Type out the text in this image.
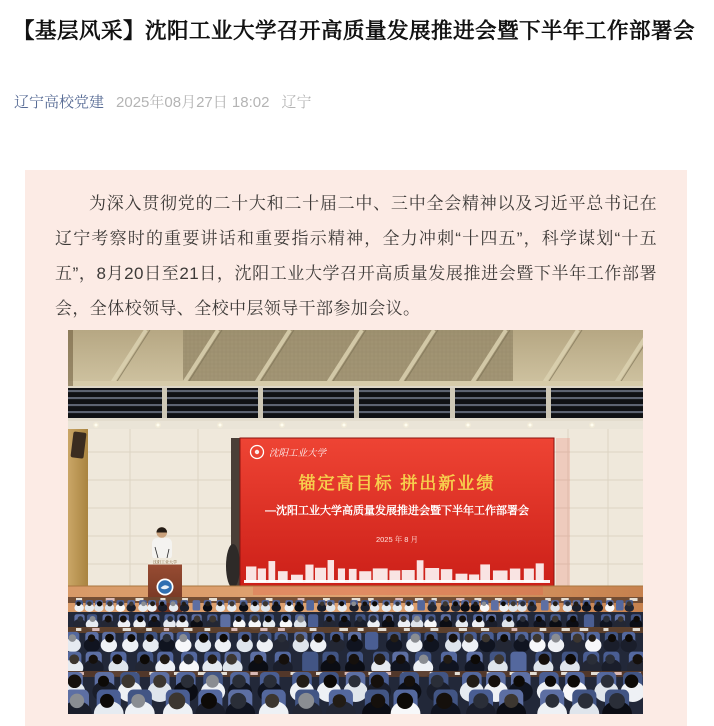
【基层风采】沈阳工业大学召开高质量发展推进会暨下半年工作部署会
辽宁高校党建 2025年08月27日 18:02 辽宁

为深入贯彻党的二十大和二十届二中、三中全会精神以及习近平总书记在辽宁考察时的重要讲话和重要指示精神，全力冲刺“十四五”，科学谋划“十五五”，8月20日至21日，沈阳工业大学召开高质量发展推进会暨下半年工作部署会，全体校领导、全校中层领导干部参加会议。

沈阳工业大学
锚定高目标 拼出新业绩
—沈阳工业大学高质量发展推进会暨下半年工作部署会
2025 年 8 月
沈阳工业大学
